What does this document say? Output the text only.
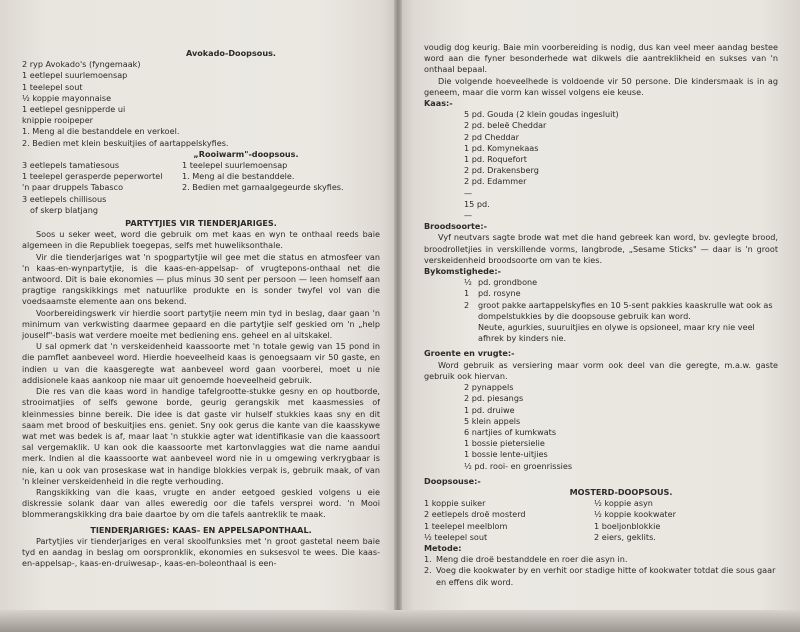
Avokado-Doopsous.

2 ryp Avokado's (fyngemaak)

1 eetlepel suurlemoensap

1 teelepel sout

½ koppie mayonnaise

1 eetlepel gesnipperde ui

knippie rooipeper

1. Meng al die bestanddele en verkoel.

2. Bedien met klein beskuitjies of aartappelskyfies.

„Rooiwarm"-doopsous.

3 eetlepels tamatiesous

1 teelepel gerasperde peperwortel

'n paar druppels Tabasco

3 eetlepels chillisous

of skerp blatjang

1 teelepel suurlemoensap

1. Meng al die bestanddele.

2. Bedien met garnaalgegeurde skyfies.

PARTYTJIES VIR TIENDERJARIGES.

Soos u seker weet, word die gebruik om met kaas en wyn te onthaal reeds baie algemeen in die Republiek toegepas, selfs met huweliksonthale.

Vir die tienderjariges wat 'n spogpartytjie wil gee met die status en atmosfeer van 'n kaas-en-wynpartytjie, is die kaas-en-appelsap- of vrugtepons-onthaal net die antwoord. Dit is baie ekonomies — plus minus 30 sent per persoon — leen homself aan pragtige rangskikkings met natuurlike produkte en is sonder twyfel vol van die voedsaamste elemente aan ons bekend.

Voorbereidingswerk vir hierdie soort partytjie neem min tyd in beslag, daar gaan 'n minimum van verkwisting daarmee gepaard en die partytjie self geskied om 'n „help jouself"-basis wat verdere moeite met bediening ens. geheel en al uitskakel.

U sal opmerk dat 'n verskeidenheid kaassoorte met 'n totale gewig van 15 pond in die pamflet aanbeveel word. Hierdie hoeveelheid kaas is genoegsaam vir 50 gaste, en indien u van die kaasgeregte wat aanbeveel word gaan voorberei, moet u nie addisionele kaas aankoop nie maar uit genoemde hoeveelheid gebruik.

Die res van die kaas word in handige tafelgrootte-stukke gesny en op houtborde, strooimatjies of selfs gewone borde, geurig gerangskik met kaasmessies of kleinmessies binne bereik. Die idee is dat gaste vir hulself stukkies kaas sny en dit saam met brood of beskuitjies ens. geniet. Sny ook gerus die kante van die kaasskywe wat met was bedek is af, maar laat 'n stukkie agter wat identifikasie van die kaassoort sal vergemaklik. U kan ook die kaassoorte met kartonvlaggies wat die name aandui merk. Indien al die kaassoorte wat aanbeveel word nie in u omgewing verkrygbaar is nie, kan u ook van proseskase wat in handige blokkies verpak is, gebruik maak, of van 'n kleiner verskeidenheid in die regte verhouding.

Rangskikking van die kaas, vrugte en ander eetgoed geskied volgens u eie diskressie solank daar van alles eweredig oor die tafels versprei word. 'n Mooi blommerangskikking dra baie daartoe by om die tafels aantreklik te maak.

TIENDERJARIGES: KAAS- EN APPELSAPONTHAAL.

Partytjies vir tienderjariges en veral skoolfunksies met 'n groot gastetal neem baie tyd en aandag in beslag om oorspronklik, ekonomies en suksesvol te wees. Die kaas-en-appelsap-, kaas-en-druiwesap-, kaas-en-boleonthaal is een-

voudig dog keurig. Baie min voorbereiding is nodig, dus kan veel meer aandag bestee word aan die fyner besonderhede wat dikwels die aantreklikheid en sukses van 'n onthaal bepaal.

Die volgende hoeveelhede is voldoende vir 50 persone. Die kindersmaak is in ag geneem, maar die vorm kan wissel volgens eie keuse.

Kaas:-

5 pd. Gouda (2 klein goudas ingesluit)

2 pd. beleë Cheddar

2 pd Cheddar

1 pd. Komynekaas

1 pd. Roquefort

2 pd. Drakensberg

2 pd. Edammer

—

15 pd.

—

Broodsoorte:-

Vyf neutvars sagte brode wat met die hand gebreek kan word, bv. gevlegte brood, broodrolletjies in verskillende vorms, langbrode, „Sesame Sticks" — daar is 'n groot verskeidenheid broodsoorte om van te kies.

Bykomstighede:-

½ pd. grondbone
1	pd. rosyne
2	groot pakke aartappelskyfies en 10 5-sent pakkies kaaskrulle wat ook as dompelstukkies by die doopsouse gebruik kan word.

Neute, agurkies, suuruitjies en olywe is opsioneel, maar kry nie veel afhrek by kinders nie.

Groente en vrugte:-

Word gebruik as versiering maar vorm ook deel van die geregte, m.a.w. gaste gebruik ook hiervan.

2 pynappels

2 pd. piesangs

1 pd. druiwe

5 klein appels

6 nartjies of kumkwats

1 bossie pietersielie

1 bossie lente-uitjies

½ pd. rooi- en groenrissies

Doopsouse:-

MOSTERD-DOOPSOUS.

1 koppie suiker

2 eetlepels droë mosterd

1 teelepel meelblom

½ teelepel sout

½ koppie asyn

½ koppie kookwater

1 boeljonblokkie

2 eiers, geklits.

Metode:

1. Meng die droë bestanddele en roer die asyn in.
2. Voeg die kookwater by en verhit oor stadige hitte of kookwater totdat die sous gaar en effens dik word.
